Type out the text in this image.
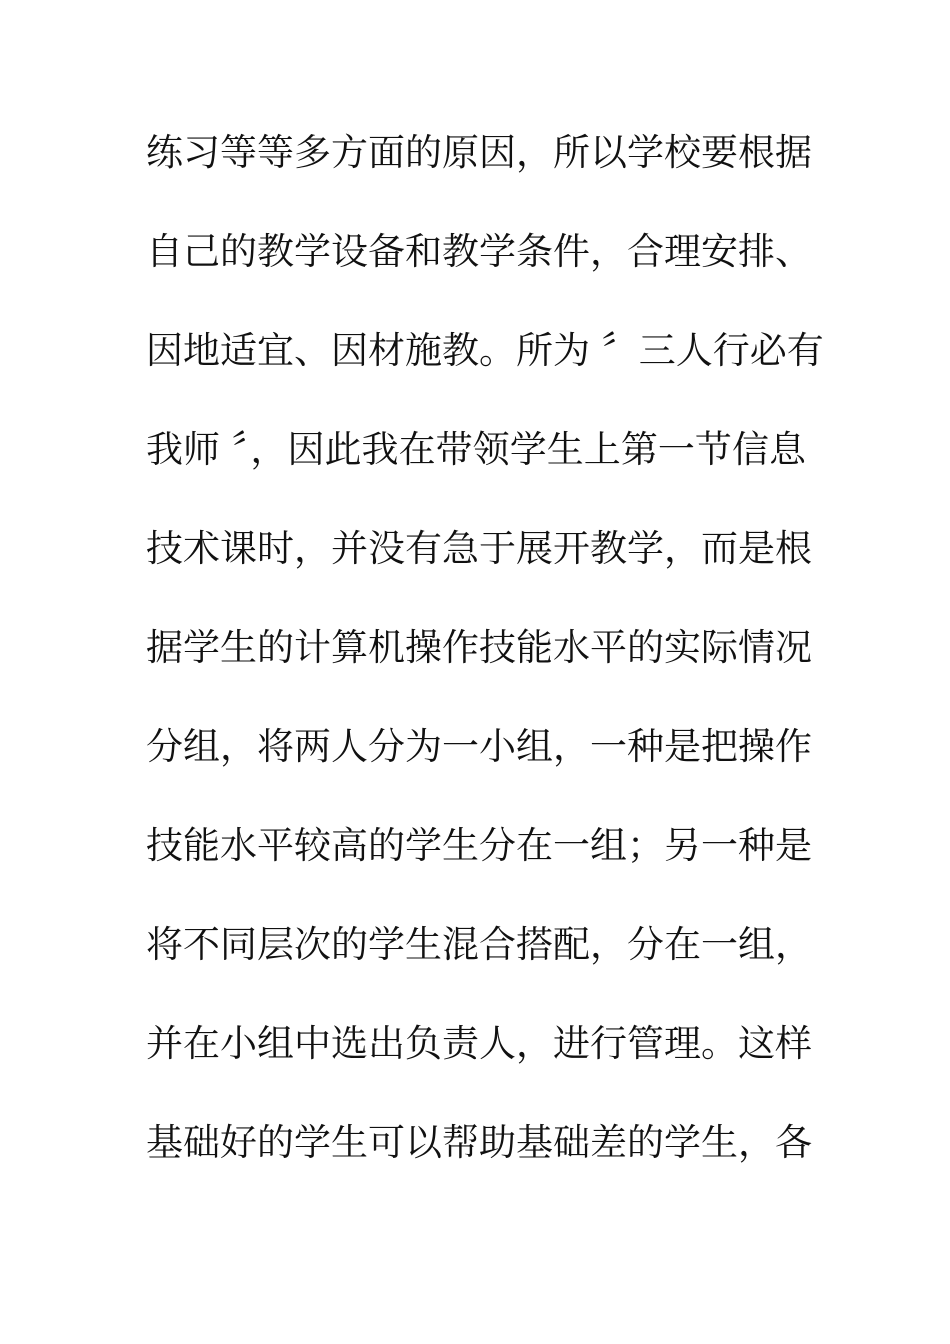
练习等等多方面的原因，所以学校要根据
自己的教学设备和教学条件，合理安排、
因地适宜、因材施教。所为 〞三人行必有
我师 〞，因此我在带领学生上第一节信息
技术课时，并没有急于展开教学，而是根
据学生的计算机操作技能水平的实际情况
分组，将两人分为一小组，一种是把操作
技能水平较高的学生分在一组；另一种是
将不同层次的学生混合搭配，分在一组，
并在小组中选出负责人，进行管理。这样
基础好的学生可以帮助基础差的学生，各
